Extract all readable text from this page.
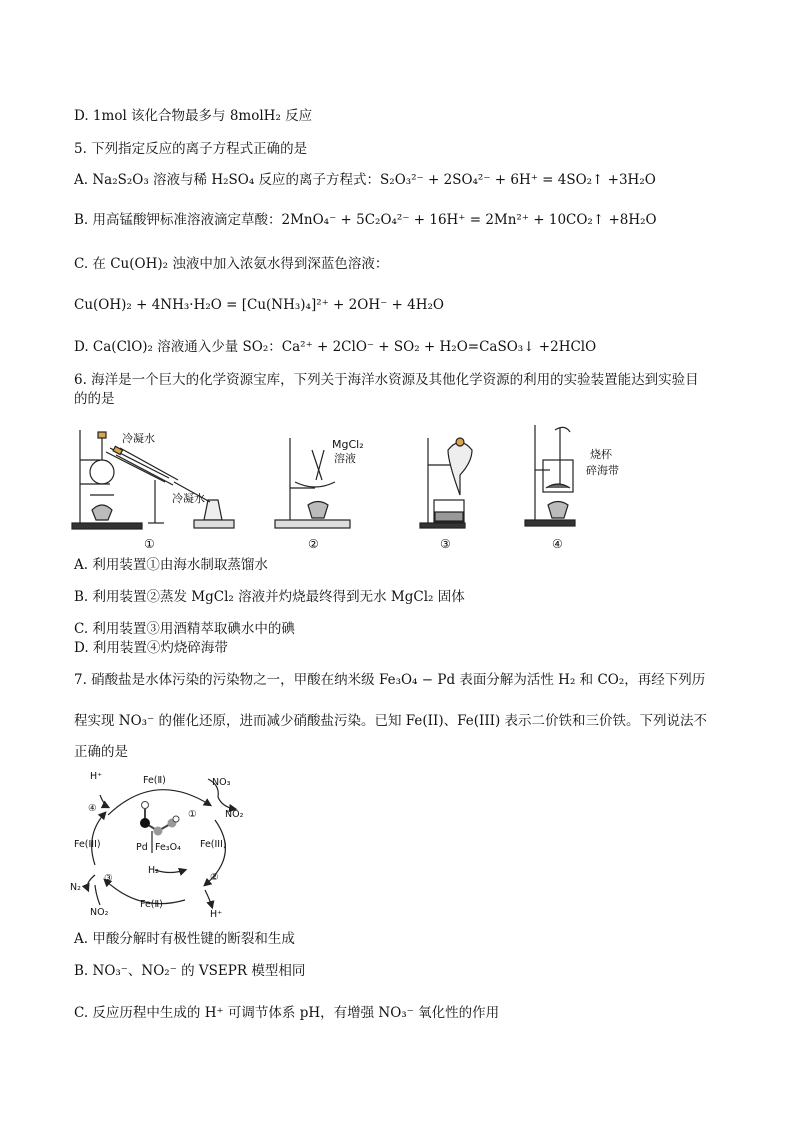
D. 1mol 该化合物最多与 8molH₂ 反应
5. 下列指定反应的离子方程式正确的是
A. Na₂S₂O₃ 溶液与稀 H₂SO₄ 反应的离子方程式：S₂O₃²⁻ + 2SO₄²⁻ + 6H⁺ = 4SO₂↑ +3H₂O
B. 用高锰酸钾标准溶液滴定草酸：2MnO₄⁻ + 5C₂O₄²⁻ + 16H⁺ = 2Mn²⁺ + 10CO₂↑ +8H₂O
C. 在 Cu(OH)₂ 浊液中加入浓氨水得到深蓝色溶液：
Cu(OH)₂ + 4NH₃·H₂O = [Cu(NH₃)₄]²⁺ + 2OH⁻ + 4H₂O
D. Ca(ClO)₂ 溶液通入少量 SO₂：Ca²⁺ + 2ClO⁻ + SO₂ + H₂O=CaSO₃↓ +2HClO
6. 海洋是一个巨大的化学资源宝库，下列关于海洋水资源及其他化学资源的利用的实验装置能达到实验目
的的是
冷凝水
冷凝水
MgCl₂
溶液	烧杯
碎海带
①	②	③	④
A. 利用装置①由海水制取蒸馏水
B. 利用装置②蒸发 MgCl₂ 溶液并灼烧最终得到无水 MgCl₂ 固体
C. 利用装置③用酒精萃取碘水中的碘
D. 利用装置④灼烧碎海带
7. 硝酸盐是水体污染的污染物之一，甲酸在纳米级 Fe₃O₄ − Pd 表面分解为活性 H₂ 和 CO₂，再经下列历
程实现 NO₃⁻ 的催化还原，进而减少硝酸盐污染。已知 Fe(II)、Fe(III) 表示二价铁和三价铁。下列说法不
正确的是
H⁺	Fe(Ⅱ)	NO₃
NO₂
①
④
Fe(III)	Fe(III)
Pd Fe₃O₄
H₂
③	②
N₂
NO₂
Fe(Ⅱ)
H⁺
A. 甲酸分解时有极性键的断裂和生成
B. NO₃⁻、NO₂⁻ 的 VSEPR 模型相同
C. 反应历程中生成的 H⁺ 可调节体系 pH，有增强 NO₃⁻ 氧化性的作用
